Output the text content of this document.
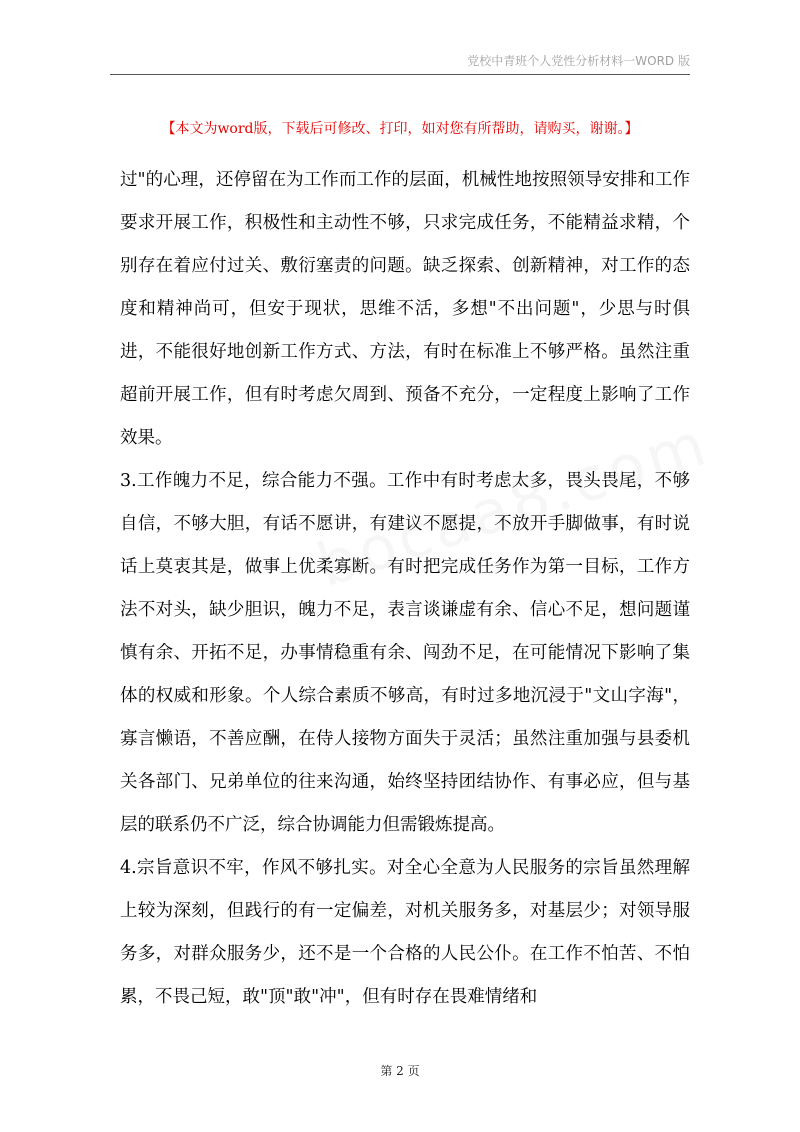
党校中青班个人党性分析材料一WORD 版
【本文为word版，下载后可修改、打印，如对您有所帮助，请购买，谢谢。】

过"的心理，还停留在为工作而工作的层面，机械性地按照领导安排和工作要求开展工作，积极性和主动性不够，只求完成任务，不能精益求精，个别存在着应付过关、敷衍塞责的问题。缺乏探索、创新精神，对工作的态度和精神尚可，但安于现状，思维不活，多想"不出问题"，少思与时俱进，不能很好地创新工作方式、方法，有时在标准上不够严格。虽然注重超前开展工作，但有时考虑欠周到、预备不充分，一定程度上影响了工作效果。

3.工作魄力不足，综合能力不强。工作中有时考虑太多，畏头畏尾，不够自信，不够大胆，有话不愿讲，有建议不愿提，不放开手脚做事，有时说话上莫衷其是，做事上优柔寡断。有时把完成任务作为第一目标，工作方法不对头，缺少胆识，魄力不足，表言谈谦虚有余、信心不足，想问题谨慎有余、开拓不足，办事情稳重有余、闯劲不足，在可能情况下影响了集体的权威和形象。个人综合素质不够高，有时过多地沉浸于"文山字海"，寡言懒语，不善应酬，在侍人接物方面失于灵活；虽然注重加强与县委机关各部门、兄弟单位的往来沟通，始终坚持团结协作、有事必应，但与基层的联系仍不广泛，综合协调能力但需锻炼提高。

4.宗旨意识不牢，作风不够扎实。对全心全意为人民服务的宗旨虽然理解上较为深刻，但践行的有一定偏差，对机关服务多，对基层少；对领导服务多，对群众服务少，还不是一个合格的人民公仆。在工作不怕苦、不怕累，不畏己短，敢"顶"敢"冲"，但有时存在畏难情绪和

第 2 页
